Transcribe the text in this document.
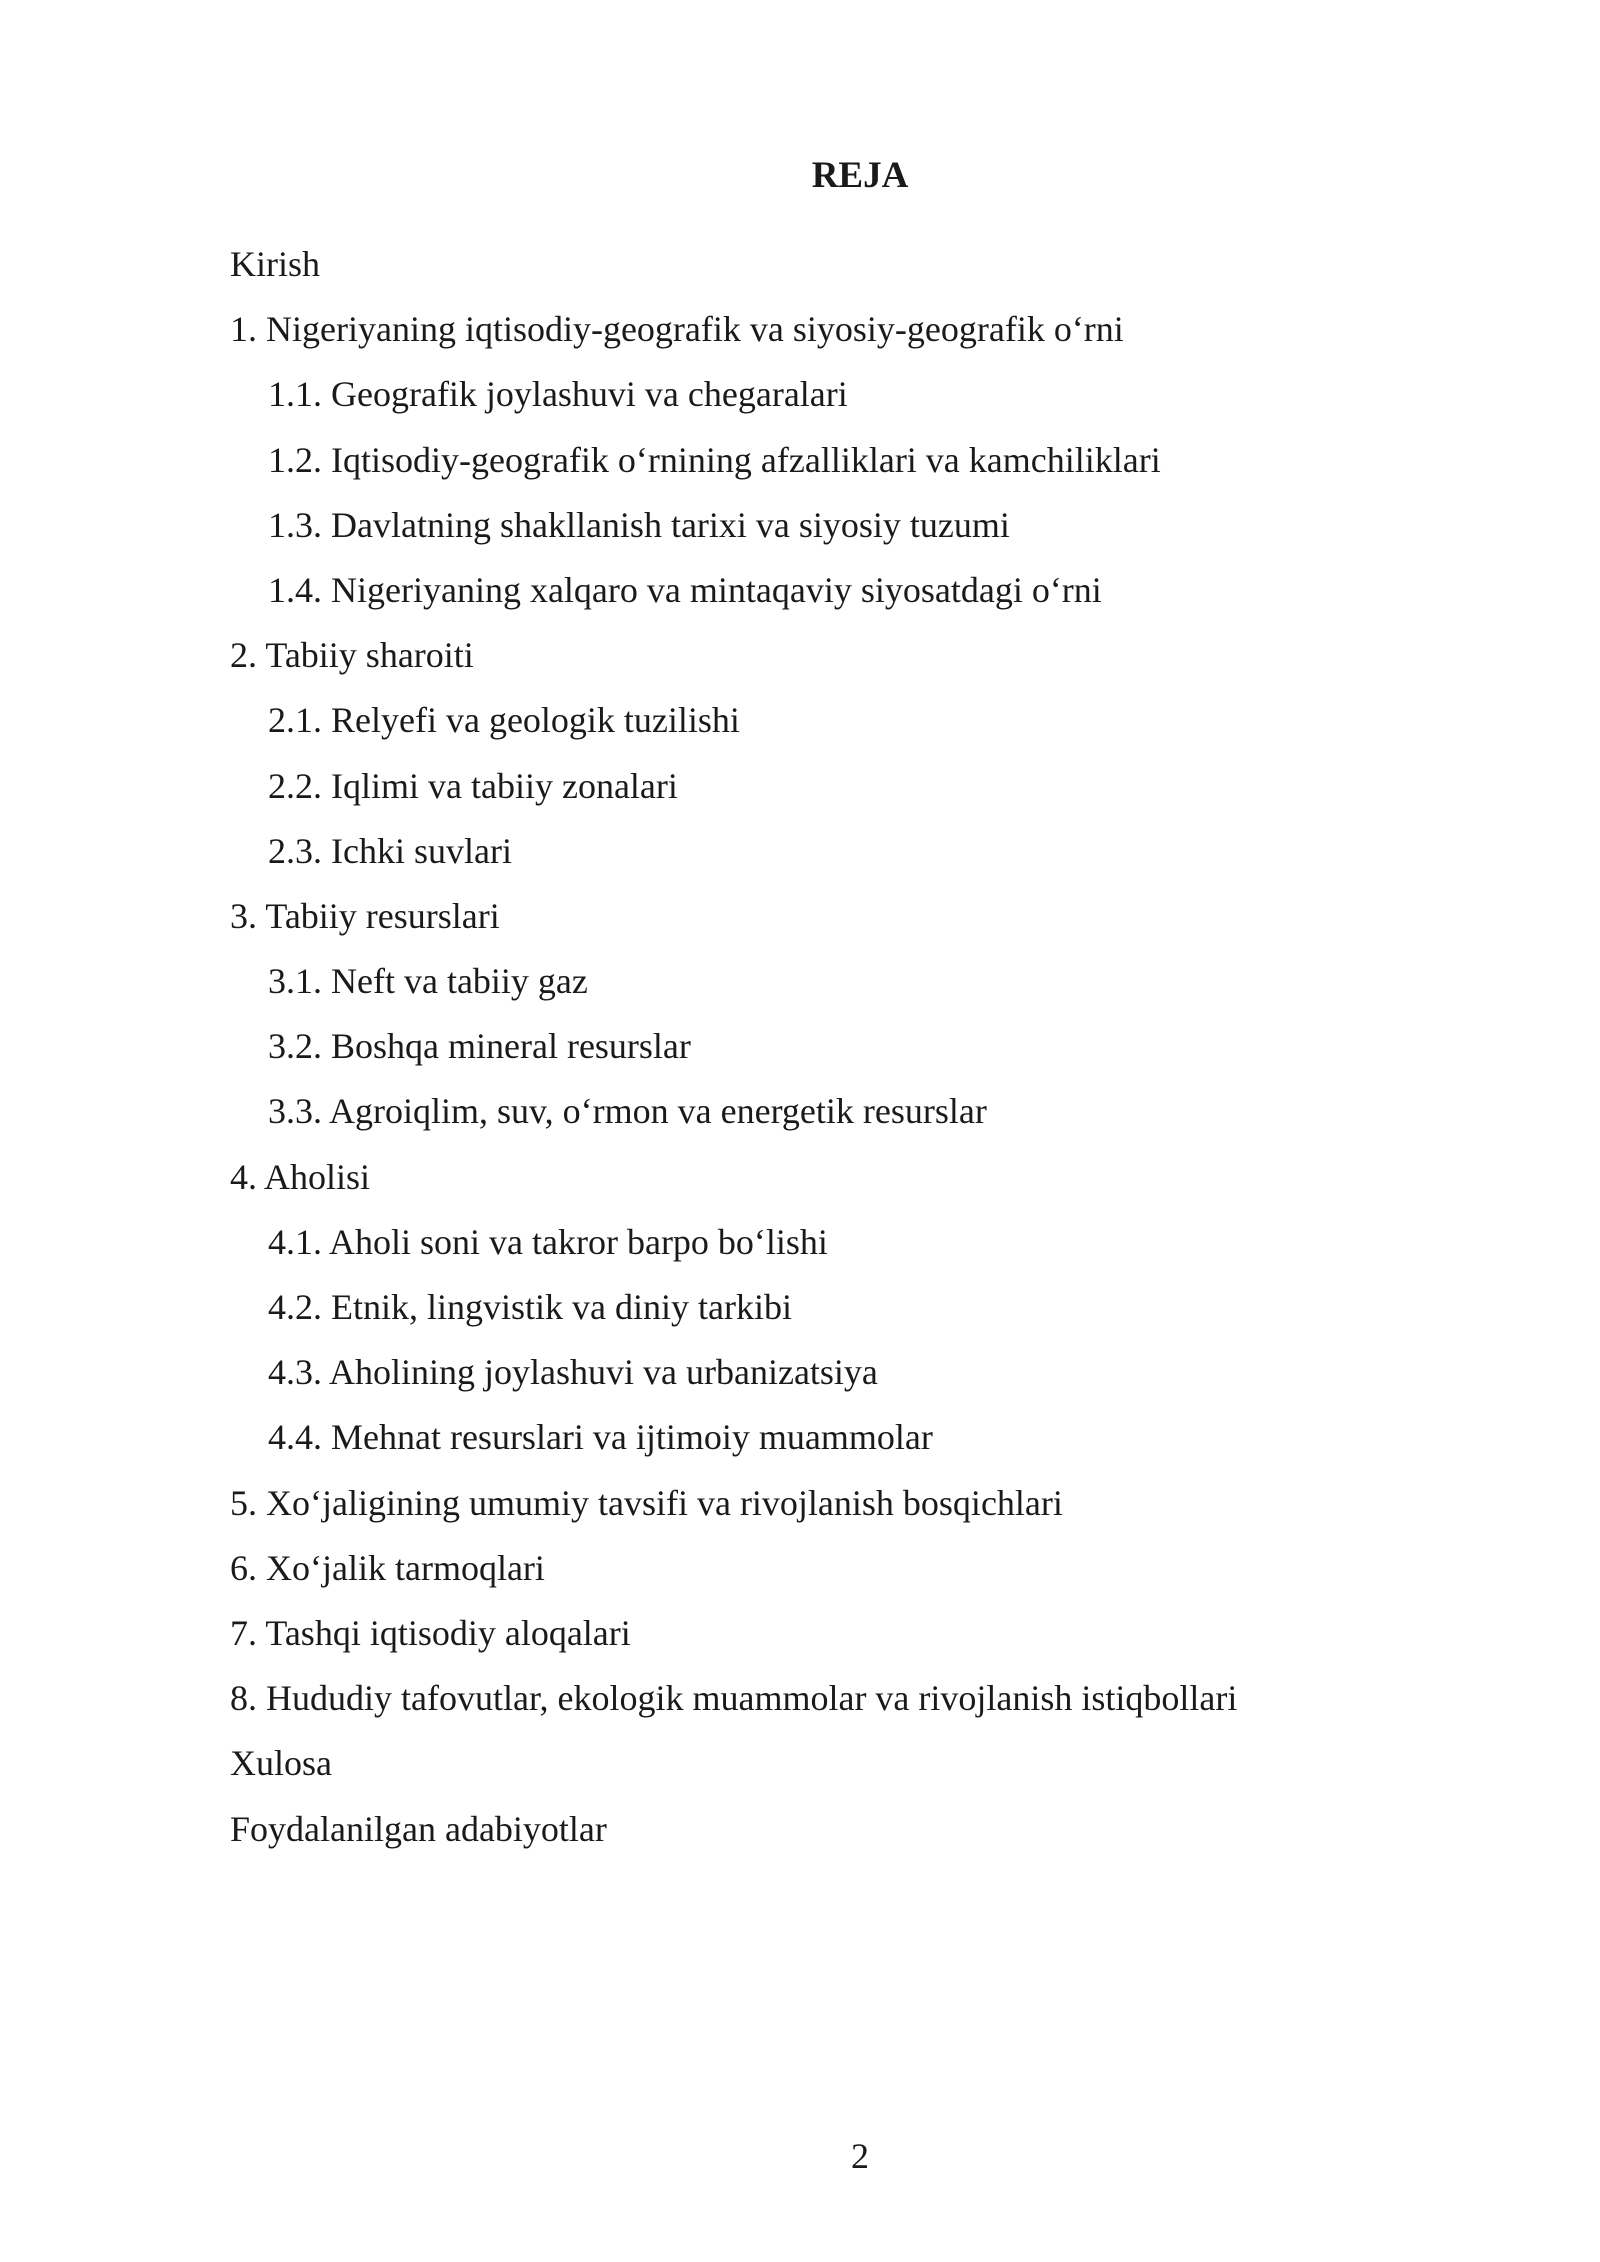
REJA
Kirish
1. Nigeriyaning iqtisodiy-geografik va siyosiy-geografik o‘rni
1.1. Geografik joylashuvi va chegaralari
1.2. Iqtisodiy-geografik o‘rnining afzalliklari va kamchiliklari
1.3. Davlatning shakllanish tarixi va siyosiy tuzumi
1.4. Nigeriyaning xalqaro va mintaqaviy siyosatdagi o‘rni
2. Tabiiy sharoiti
2.1. Relyefi va geologik tuzilishi
2.2. Iqlimi va tabiiy zonalari
2.3. Ichki suvlari
3. Tabiiy resurslari
3.1. Neft va tabiiy gaz
3.2. Boshqa mineral resurslar
3.3. Agroiqlim, suv, o‘rmon va energetik resurslar
4. Aholisi
4.1. Aholi soni va takror barpo bo‘lishi
4.2. Etnik, lingvistik va diniy tarkibi
4.3. Aholining joylashuvi va urbanizatsiya
4.4. Mehnat resurslari va ijtimoiy muammolar
5. Xo‘jaligining umumiy tavsifi va rivojlanish bosqichlari
6. Xo‘jalik tarmoqlari
7. Tashqi iqtisodiy aloqalari
8. Hududiy tafovutlar, ekologik muammolar va rivojlanish istiqbollari
Xulosa
Foydalanilgan adabiyotlar
2
